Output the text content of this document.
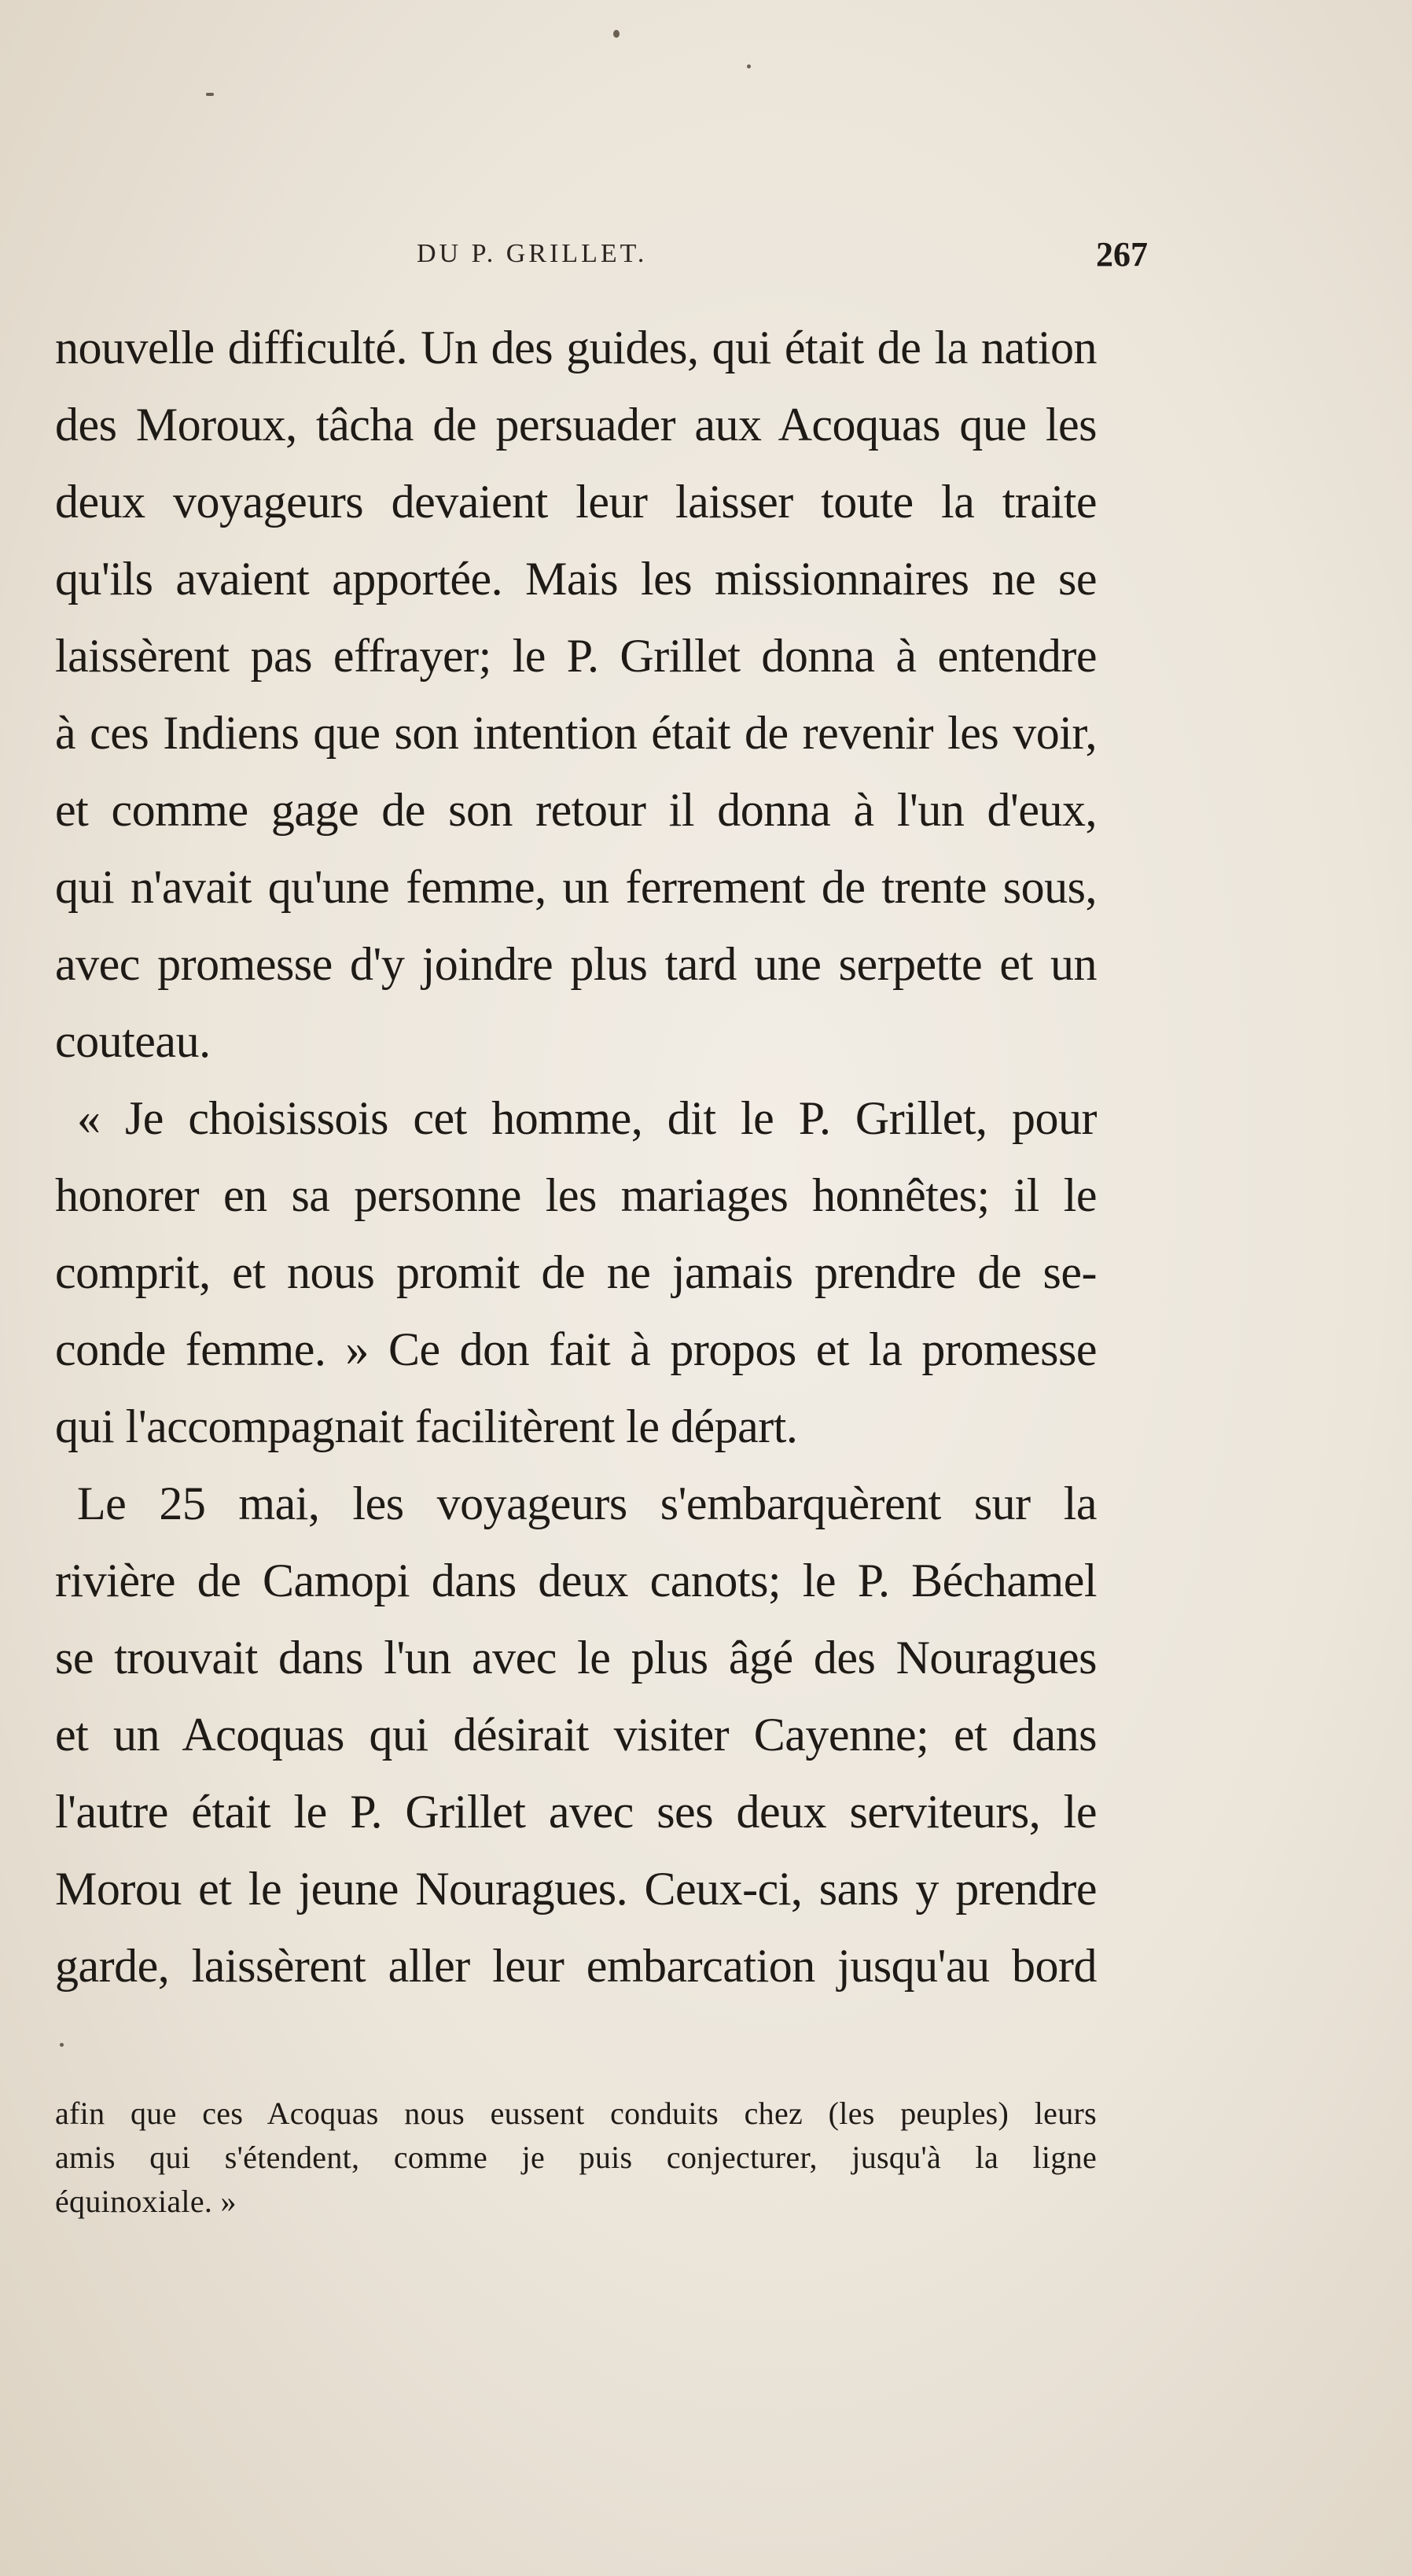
DU P. GRILLET.	267
nouvelle difficulté. Un des guides, qui était de la nation
des Moroux, tâcha de persuader aux Acoquas que les
deux voyageurs devaient leur laisser toute la traite
qu'ils avaient apportée. Mais les missionnaires ne se
laissèrent pas effrayer; le P. Grillet donna à entendre
à ces Indiens que son intention était de revenir les voir,
et comme gage de son retour il donna à l'un d'eux,
qui n'avait qu'une femme, un ferrement de trente sous,
avec promesse d'y joindre plus tard une serpette et un
couteau.
« Je choisissois cet homme, dit le P. Grillet, pour
honorer en sa personne les mariages honnêtes; il le
comprit, et nous promit de ne jamais prendre de se-
conde femme. » Ce don fait à propos et la promesse
qui l'accompagnait facilitèrent le départ.
Le 25 mai, les voyageurs s'embarquèrent sur la
rivière de Camopi dans deux canots; le P. Béchamel
se trouvait dans l'un avec le plus âgé des Nouragues
et un Acoquas qui désirait visiter Cayenne; et dans
l'autre était le P. Grillet avec ses deux serviteurs, le
Morou et le jeune Nouragues. Ceux-ci, sans y prendre
garde, laissèrent aller leur embarcation jusqu'au bord
afin que ces Acoquas nous eussent conduits chez (les peuples) leurs
amis qui s'étendent, comme je puis conjecturer, jusqu'à la ligne
équinoxiale. »
